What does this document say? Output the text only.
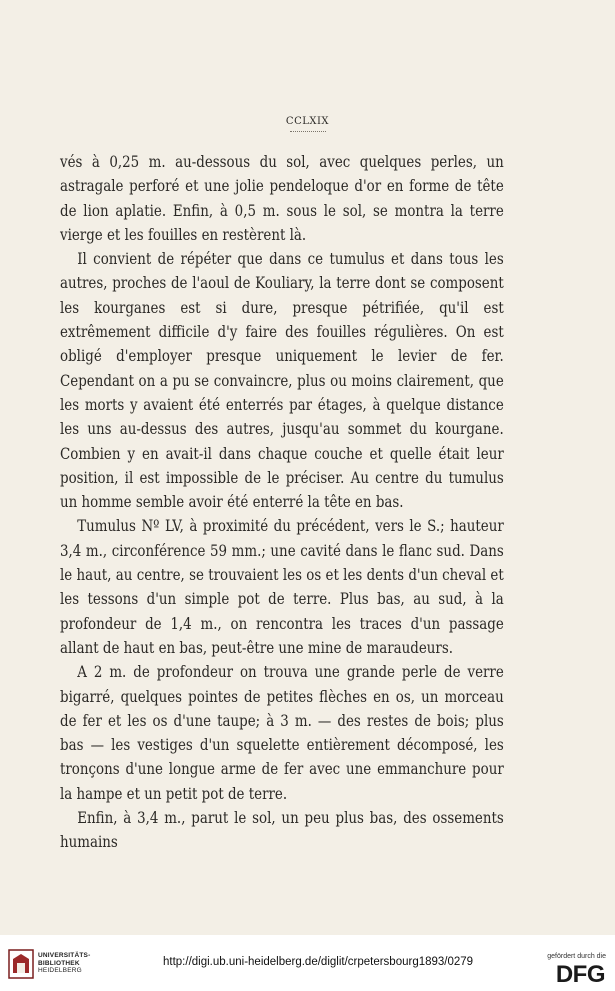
CCLXIX

vés à 0,25 m. au-dessous du sol, avec quelques perles, un astragale perforé et une jolie pendeloque d'or en forme de tête de lion aplatie. Enfin, à 0,5 m. sous le sol, se montra la terre vierge et les fouilles en restèrent là.

Il convient de répéter que dans ce tumulus et dans tous les autres, proches de l'aoul de Kouliary, la terre dont se composent les kourganes est si dure, presque pétrifiée, qu'il est extrêmement difficile d'y faire des fouilles régulières. On est obligé d'employer presque uniquement le levier de fer. Cependant on a pu se convaincre, plus ou moins clairement, que les morts y avaient été enterrés par étages, à quelque distance les uns au-dessus des autres, jusqu'au sommet du kourgane. Combien y en avait-il dans chaque couche et quelle était leur position, il est impossible de le préciser. Au centre du tumulus un homme semble avoir été enterré la tête en bas.

Tumulus Nº LV, à proximité du précédent, vers le S.; hauteur 3,4 m., circonférence 59 mm.; une cavité dans le flanc sud. Dans le haut, au centre, se trouvaient les os et les dents d'un cheval et les tessons d'un simple pot de terre. Plus bas, au sud, à la profondeur de 1,4 m., on rencontra les traces d'un passage allant de haut en bas, peut-être une mine de maraudeurs.

A 2 m. de profondeur on trouva une grande perle de verre bigarré, quelques pointes de petites flèches en os, un morceau de fer et les os d'une taupe; à 3 m. — des restes de bois; plus bas — les vestiges d'un squelette entièrement décomposé, les tronçons d'une longue arme de fer avec une emmanchure pour la hampe et un petit pot de terre.

Enfin, à 3,4 m., parut le sol, un peu plus bas, des ossements humains

UNIVERSITÄTS-
BIBLIOTHEK
HEIDELBERG
http://digi.ub.uni-heidelberg.de/diglit/crpetersbourg1893/0279	gefördert durch die
DFG
